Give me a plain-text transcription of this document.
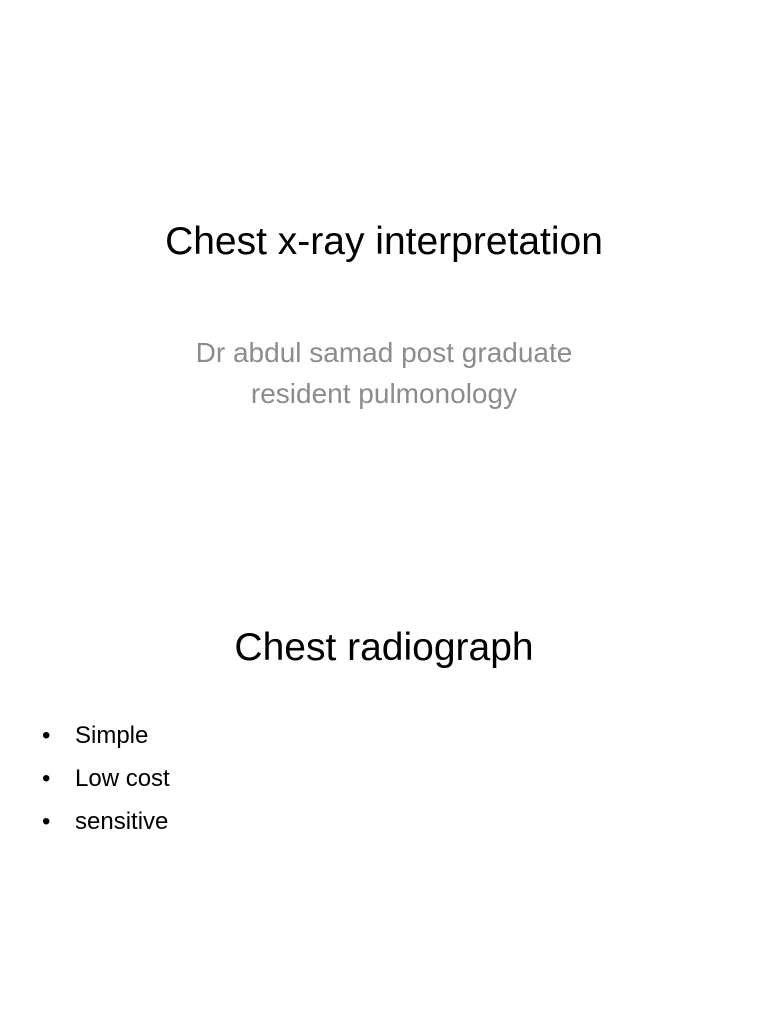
Chest x-ray interpretation

Dr abdul samad post graduate
resident pulmonology

Chest radiograph
• Simple
• Low cost
• sensitive
